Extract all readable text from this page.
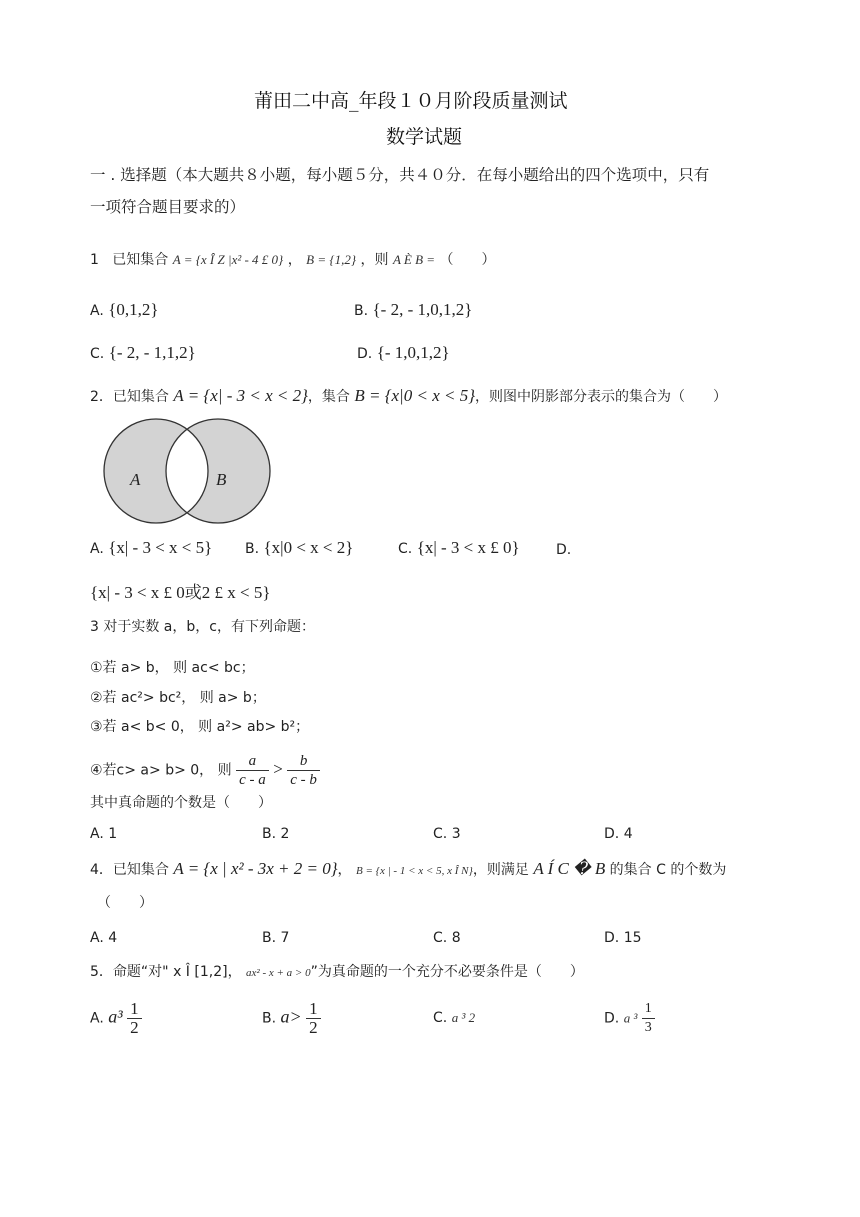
莆田二中高_年段１０月阶段质量测试
数学试题
一 . 选择题（本大题共８小题，每小题５分，共４０分．在每小题给出的四个选项中，只有
一项符合题目要求的）
1 已知集合 A = {x Î Z |x² - 4 £ 0} ， B = {1,2} ，则 A È B = （　　）
A. {0,1,2}	B. {- 2, - 1,0,1,2}
C. {- 2, - 1,1,2}	D. {- 1,0,1,2}
2．已知集合 A = {x| - 3 < x < 2}，集合 B = {x|0 < x < 5}，则图中阴影部分表示的集合为（　　）
A	B
A. {x| - 3 < x < 5} B. {x|0 < x < 2}	C. {x| - 3 < x £ 0}	D.
{x| - 3 < x £ 0或2 £ x < 5}
3 对于实数 a，b，c，有下列命题：
①若 a> b， 则 ac< bc；
②若 ac²> bc²， 则 a> b；
③若 a< b< 0， 则 a²> ab> b²；
④若c> a> b> 0， 则 $\frac{a}{c - a} > \frac{b}{c - b}$
其中真命题的个数是（　　）
A. 1	B. 2	C. 3	D. 4
4．已知集合 A = {x | x² - 3x + 2 = 0}， B = {x | - 1 < x < 5, x Î N}，则满足 A Í C � B 的集合 C 的个数为
（　　）
A. 4	B. 7	C. 8	D. 15
5．命题“对" x Î [1,2]， ax² - x + a > 0”为真命题的一个充分不必要条件是（　　）
A. $a^3 \frac{1}{2}$	B. $a> \frac{1}{2}$	C. a ³ 2	D. a $^3 \frac{1}{3}$
